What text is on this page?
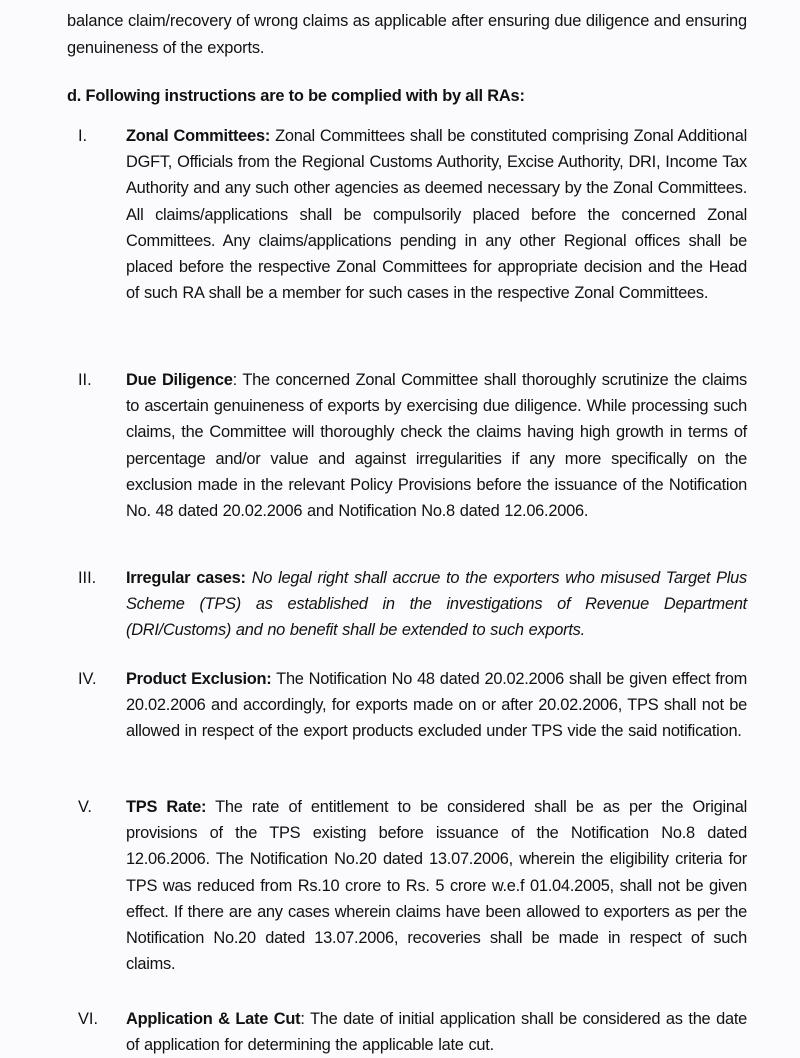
balance claim/recovery of wrong claims as applicable after ensuring due diligence and ensuring genuineness of the exports.
d. Following instructions are to be complied with by all RAs:
I. Zonal Committees: Zonal Committees shall be constituted comprising Zonal Additional DGFT, Officials from the Regional Customs Authority, Excise Authority, DRI, Income Tax Authority and any such other agencies as deemed necessary by the Zonal Committees. All claims/applications shall be compulsorily placed before the concerned Zonal Committees. Any claims/applications pending in any other Regional offices shall be placed before the respective Zonal Committees for appropriate decision and the Head of such RA shall be a member for such cases in the respective Zonal Committees.
II. Due Diligence: The concerned Zonal Committee shall thoroughly scrutinize the claims to ascertain genuineness of exports by exercising due diligence. While processing such claims, the Committee will thoroughly check the claims having high growth in terms of percentage and/or value and against irregularities if any more specifically on the exclusion made in the relevant Policy Provisions before the issuance of the Notification No. 48 dated 20.02.2006 and Notification No.8 dated 12.06.2006.
III. Irregular cases: No legal right shall accrue to the exporters who misused Target Plus Scheme (TPS) as established in the investigations of Revenue Department (DRI/Customs) and no benefit shall be extended to such exports.
IV. Product Exclusion: The Notification No 48 dated 20.02.2006 shall be given effect from 20.02.2006 and accordingly, for exports made on or after 20.02.2006, TPS shall not be allowed in respect of the export products excluded under TPS vide the said notification.
V. TPS Rate: The rate of entitlement to be considered shall be as per the Original provisions of the TPS existing before issuance of the Notification No.8 dated 12.06.2006. The Notification No.20 dated 13.07.2006, wherein the eligibility criteria for TPS was reduced from Rs.10 crore to Rs. 5 crore w.e.f 01.04.2005, shall not be given effect. If there are any cases wherein claims have been allowed to exporters as per the Notification No.20 dated 13.07.2006, recoveries shall be made in respect of such claims.
VI. Application & Late Cut: The date of initial application shall be considered as the date of application for determining the applicable late cut.
